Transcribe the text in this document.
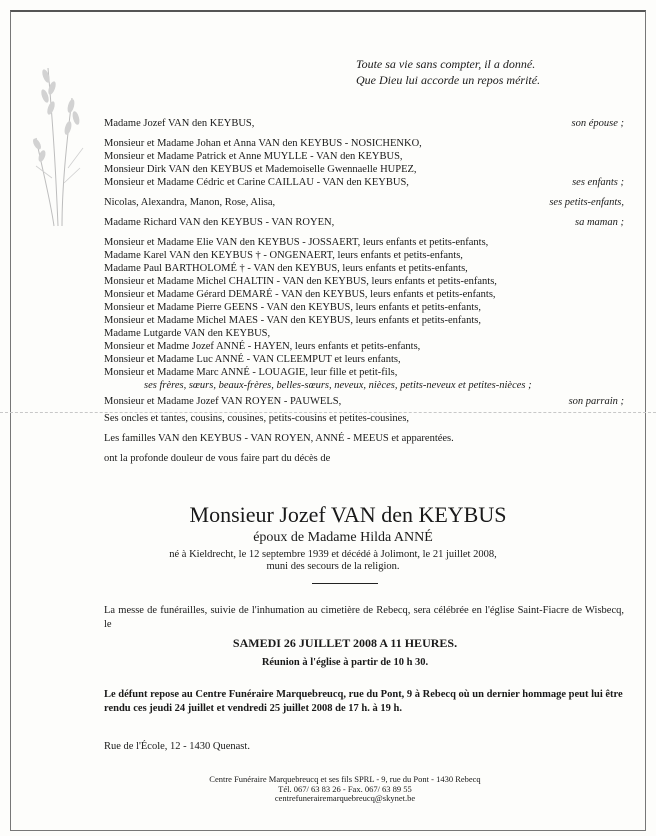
Toute sa vie sans compter, il a donné.
Que Dieu lui accorde un repos mérité.
Madame Jozef VAN den KEYBUS,	son épouse ;
Monsieur et Madame Johan et Anna VAN den KEYBUS - NOSICHENKO,
Monsieur et Madame Patrick et Anne MUYLLE - VAN den KEYBUS,
Monsieur Dirk VAN den KEYBUS et Mademoiselle Gwennaelle HUPEZ,
Monsieur et Madame Cédric et Carine CAILLAU - VAN den KEYBUS,	ses enfants ;
Nicolas, Alexandra, Manon, Rose, Alisa,	ses petits-enfants,
Madame Richard VAN den KEYBUS - VAN ROYEN,	sa maman ;
Monsieur et Madame Elie VAN den KEYBUS - JOSSAERT, leurs enfants et petits-enfants,
Madame Karel VAN den KEYBUS † - ONGENAERT, leurs enfants et petits-enfants,
Madame Paul BARTHOLOMÉ † - VAN den KEYBUS, leurs enfants et petits-enfants,
Monsieur et Madame Michel CHALTIN - VAN den KEYBUS, leurs enfants et petits-enfants,
Monsieur et Madame Gérard DEMARÉ - VAN den KEYBUS, leurs enfants et petits-enfants,
Monsieur et Madame Pierre GEENS - VAN den KEYBUS, leurs enfants et petits-enfants,
Monsieur et Madame Michel MAES - VAN den KEYBUS, leurs enfants et petits-enfants,
Madame Lutgarde VAN den KEYBUS,
Monsieur et Madme Jozef ANNÉ - HAYEN, leurs enfants et petits-enfants,
Monsieur et Madame Luc ANNÉ - VAN CLEEMPUT et leurs enfants,
Monsieur et Madame Marc ANNÉ - LOUAGIE, leur fille et petit-fils,
ses frères, sœurs, beaux-frères, belles-sœurs, neveux, nièces, petits-neveux et petites-nièces ;
Monsieur et Madame Jozef VAN ROYEN - PAUWELS,	son parrain ;
Ses oncles et tantes, cousins, cousines, petits-cousins et petites-cousines,
Les familles VAN den KEYBUS - VAN ROYEN, ANNÉ - MEEUS et apparentées.
ont la profonde douleur de vous faire part du décès de
Monsieur Jozef VAN den KEYBUS
époux de Madame Hilda ANNÉ
né à Kieldrecht, le 12 septembre 1939 et décédé à Jolimont, le 21 juillet 2008,
muni des secours de la religion.
La messe de funérailles, suivie de l'inhumation au cimetière de Rebecq, sera célébrée en l'église Saint-Fiacre de Wisbecq, le
SAMEDI 26 JUILLET 2008 A 11 HEURES.
Réunion à l'église à partir de 10 h 30.
Le défunt repose au Centre Funéraire Marquebreucq, rue du Pont, 9 à Rebecq où un dernier hommage peut lui être rendu ces jeudi 24 juillet et vendredi 25 juillet 2008 de 17 h. à 19 h.
Rue de l'École, 12 - 1430 Quenast.
Centre Funéraire Marquebreucq et ses fils SPRL - 9, rue du Pont - 1430 Rebecq
Tél. 067/ 63 83 26 - Fax. 067/ 63 89 55
centrefunerairemarquebreucq@skynet.be
